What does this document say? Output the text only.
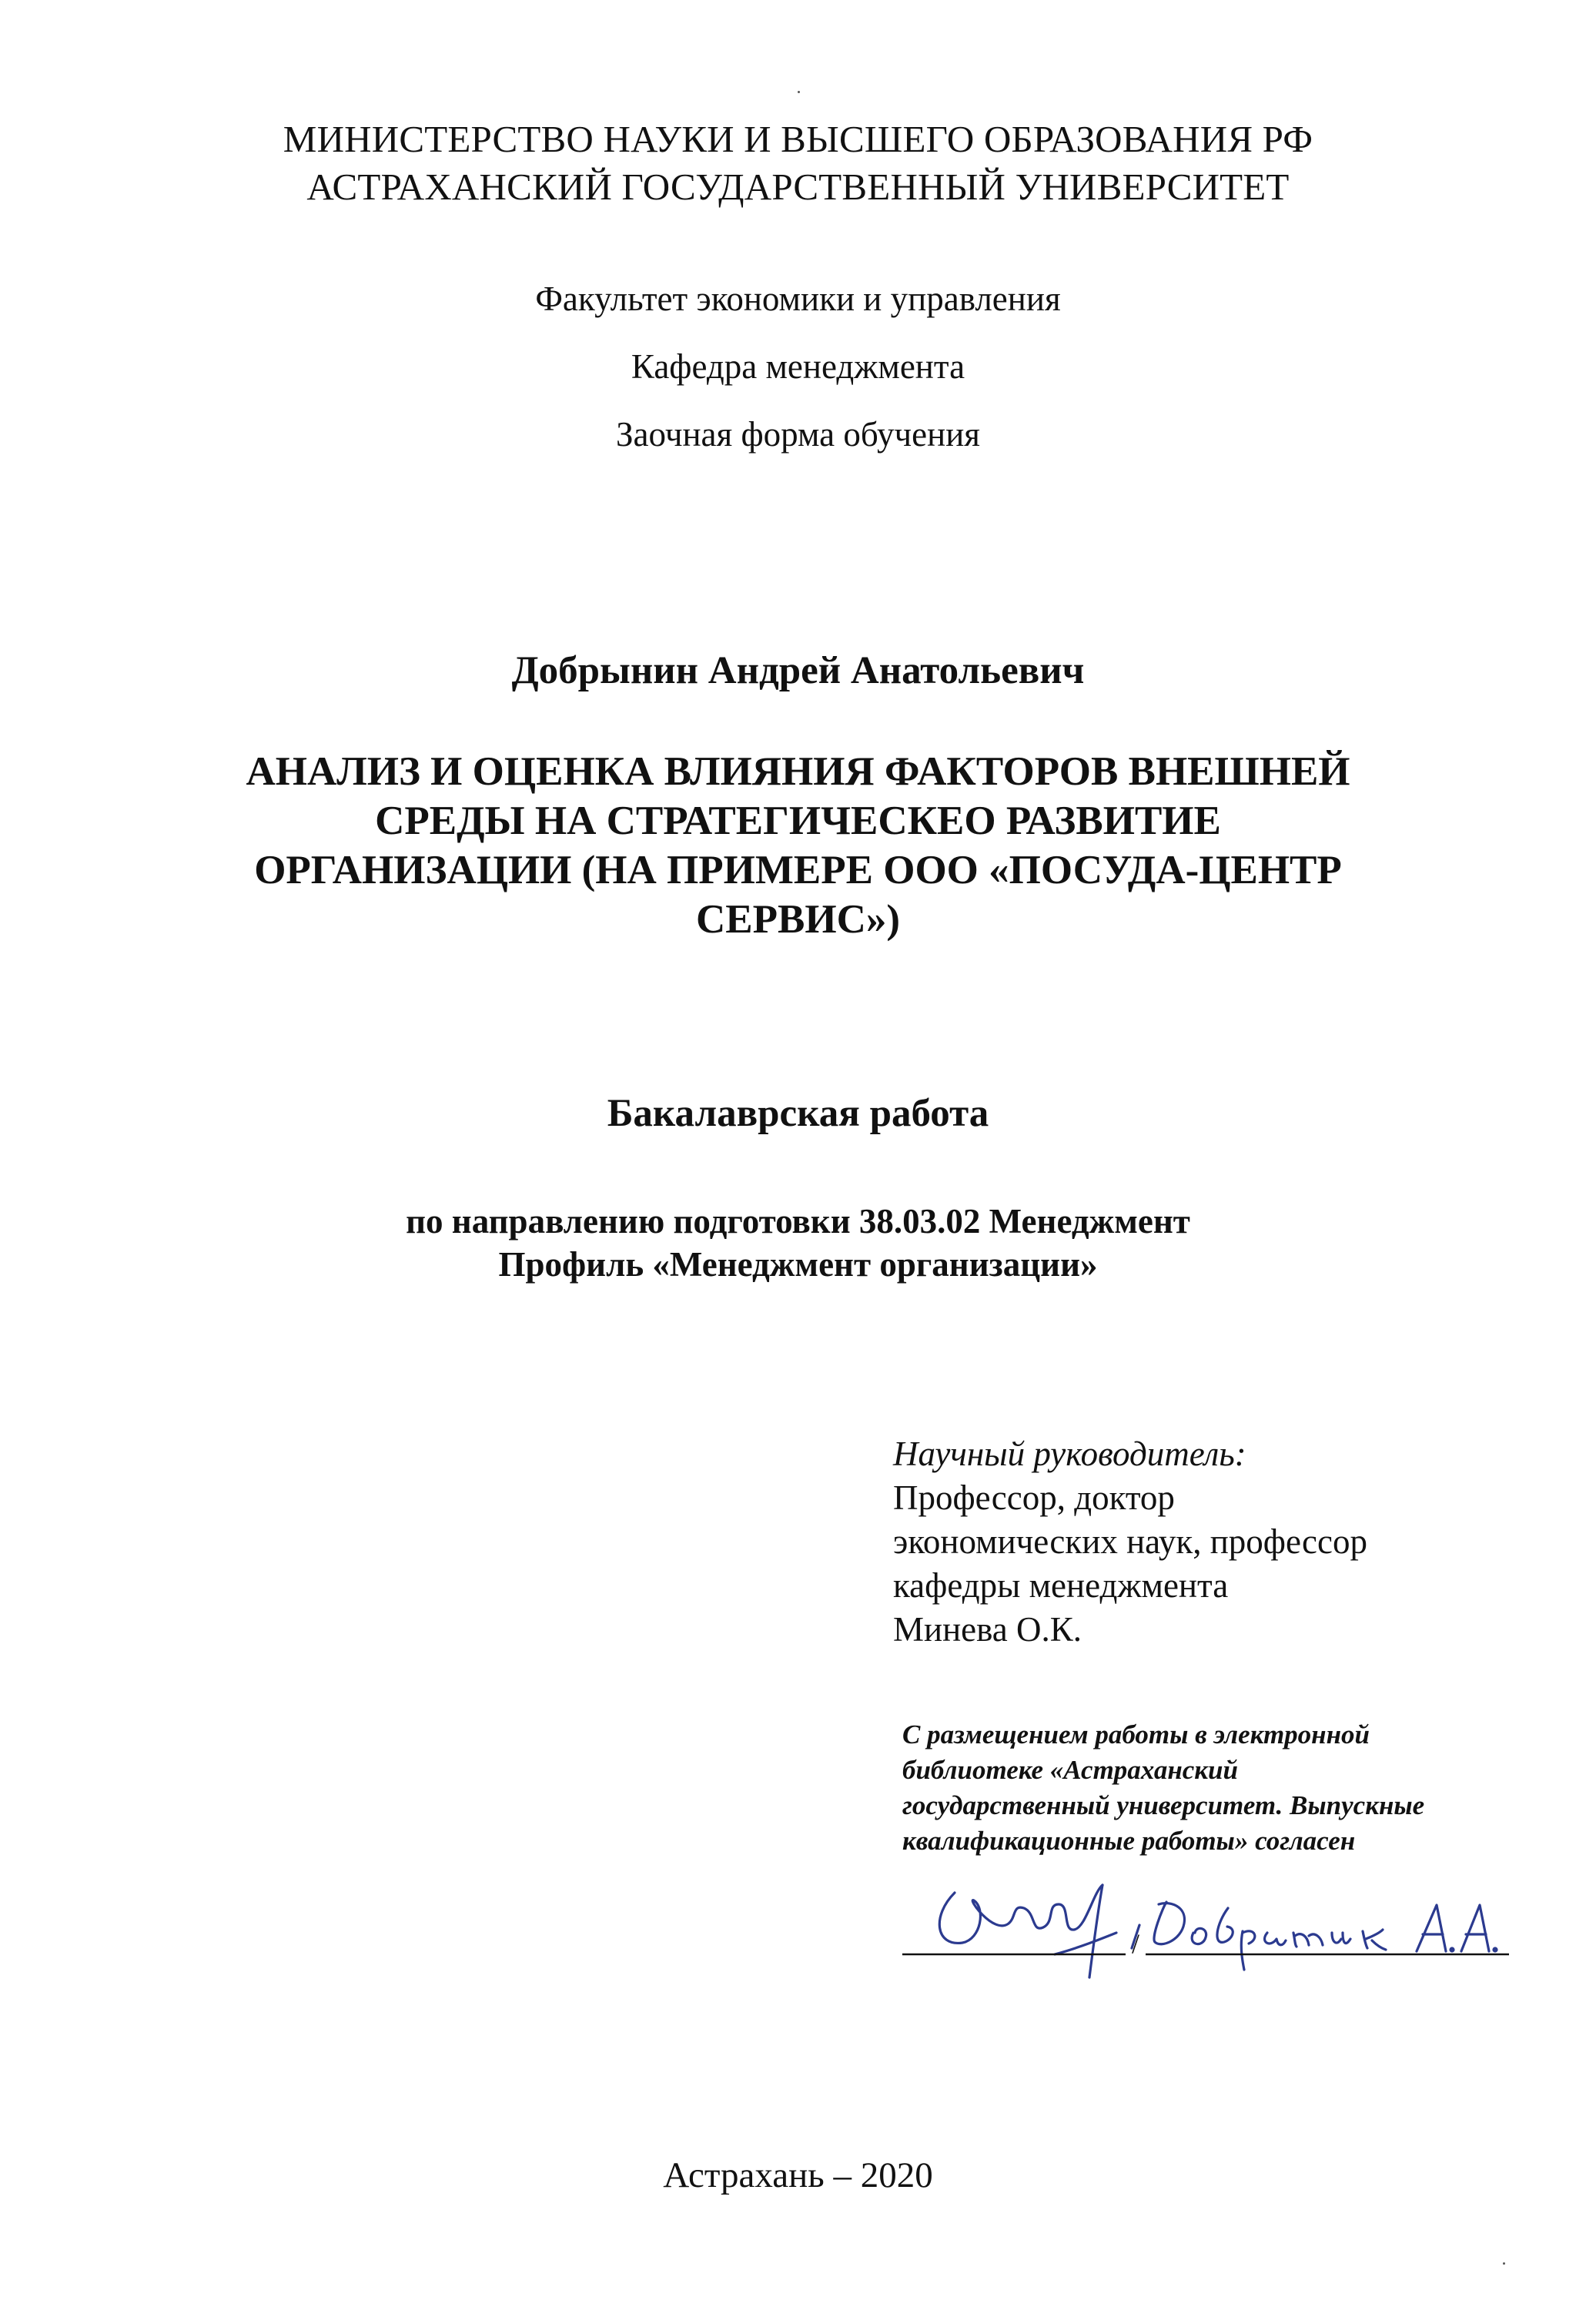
МИНИСТЕРСТВО НАУКИ И ВЫСШЕГО ОБРАЗОВАНИЯ РФ
АСТРАХАНСКИЙ ГОСУДАРСТВЕННЫЙ УНИВЕРСИТЕТ
Факультет экономики и управления
Кафедра менеджмента
Заочная форма обучения
Добрынин Андрей Анатольевич
АНАЛИЗ И ОЦЕНКА ВЛИЯНИЯ ФАКТОРОВ ВНЕШНЕЙ
СРЕДЫ НА СТРАТЕГИЧЕСКЕО РАЗВИТИЕ
ОРГАНИЗАЦИИ (НА ПРИМЕРЕ ООО «ПОСУДА-ЦЕНТР
СЕРВИС»)
Бакалаврская работа
по направлению подготовки 38.03.02 Менеджмент
Профиль «Менеджмент организации»
Научный руководитель:
Профессор, доктор
экономических наук, профессор
кафедры менеджмента
Минева О.К.
С размещением работы в электронной
библиотеке «Астраханский
государственный университет. Выпускные
квалификационные работы» согласен
/
Астрахань – 2020
